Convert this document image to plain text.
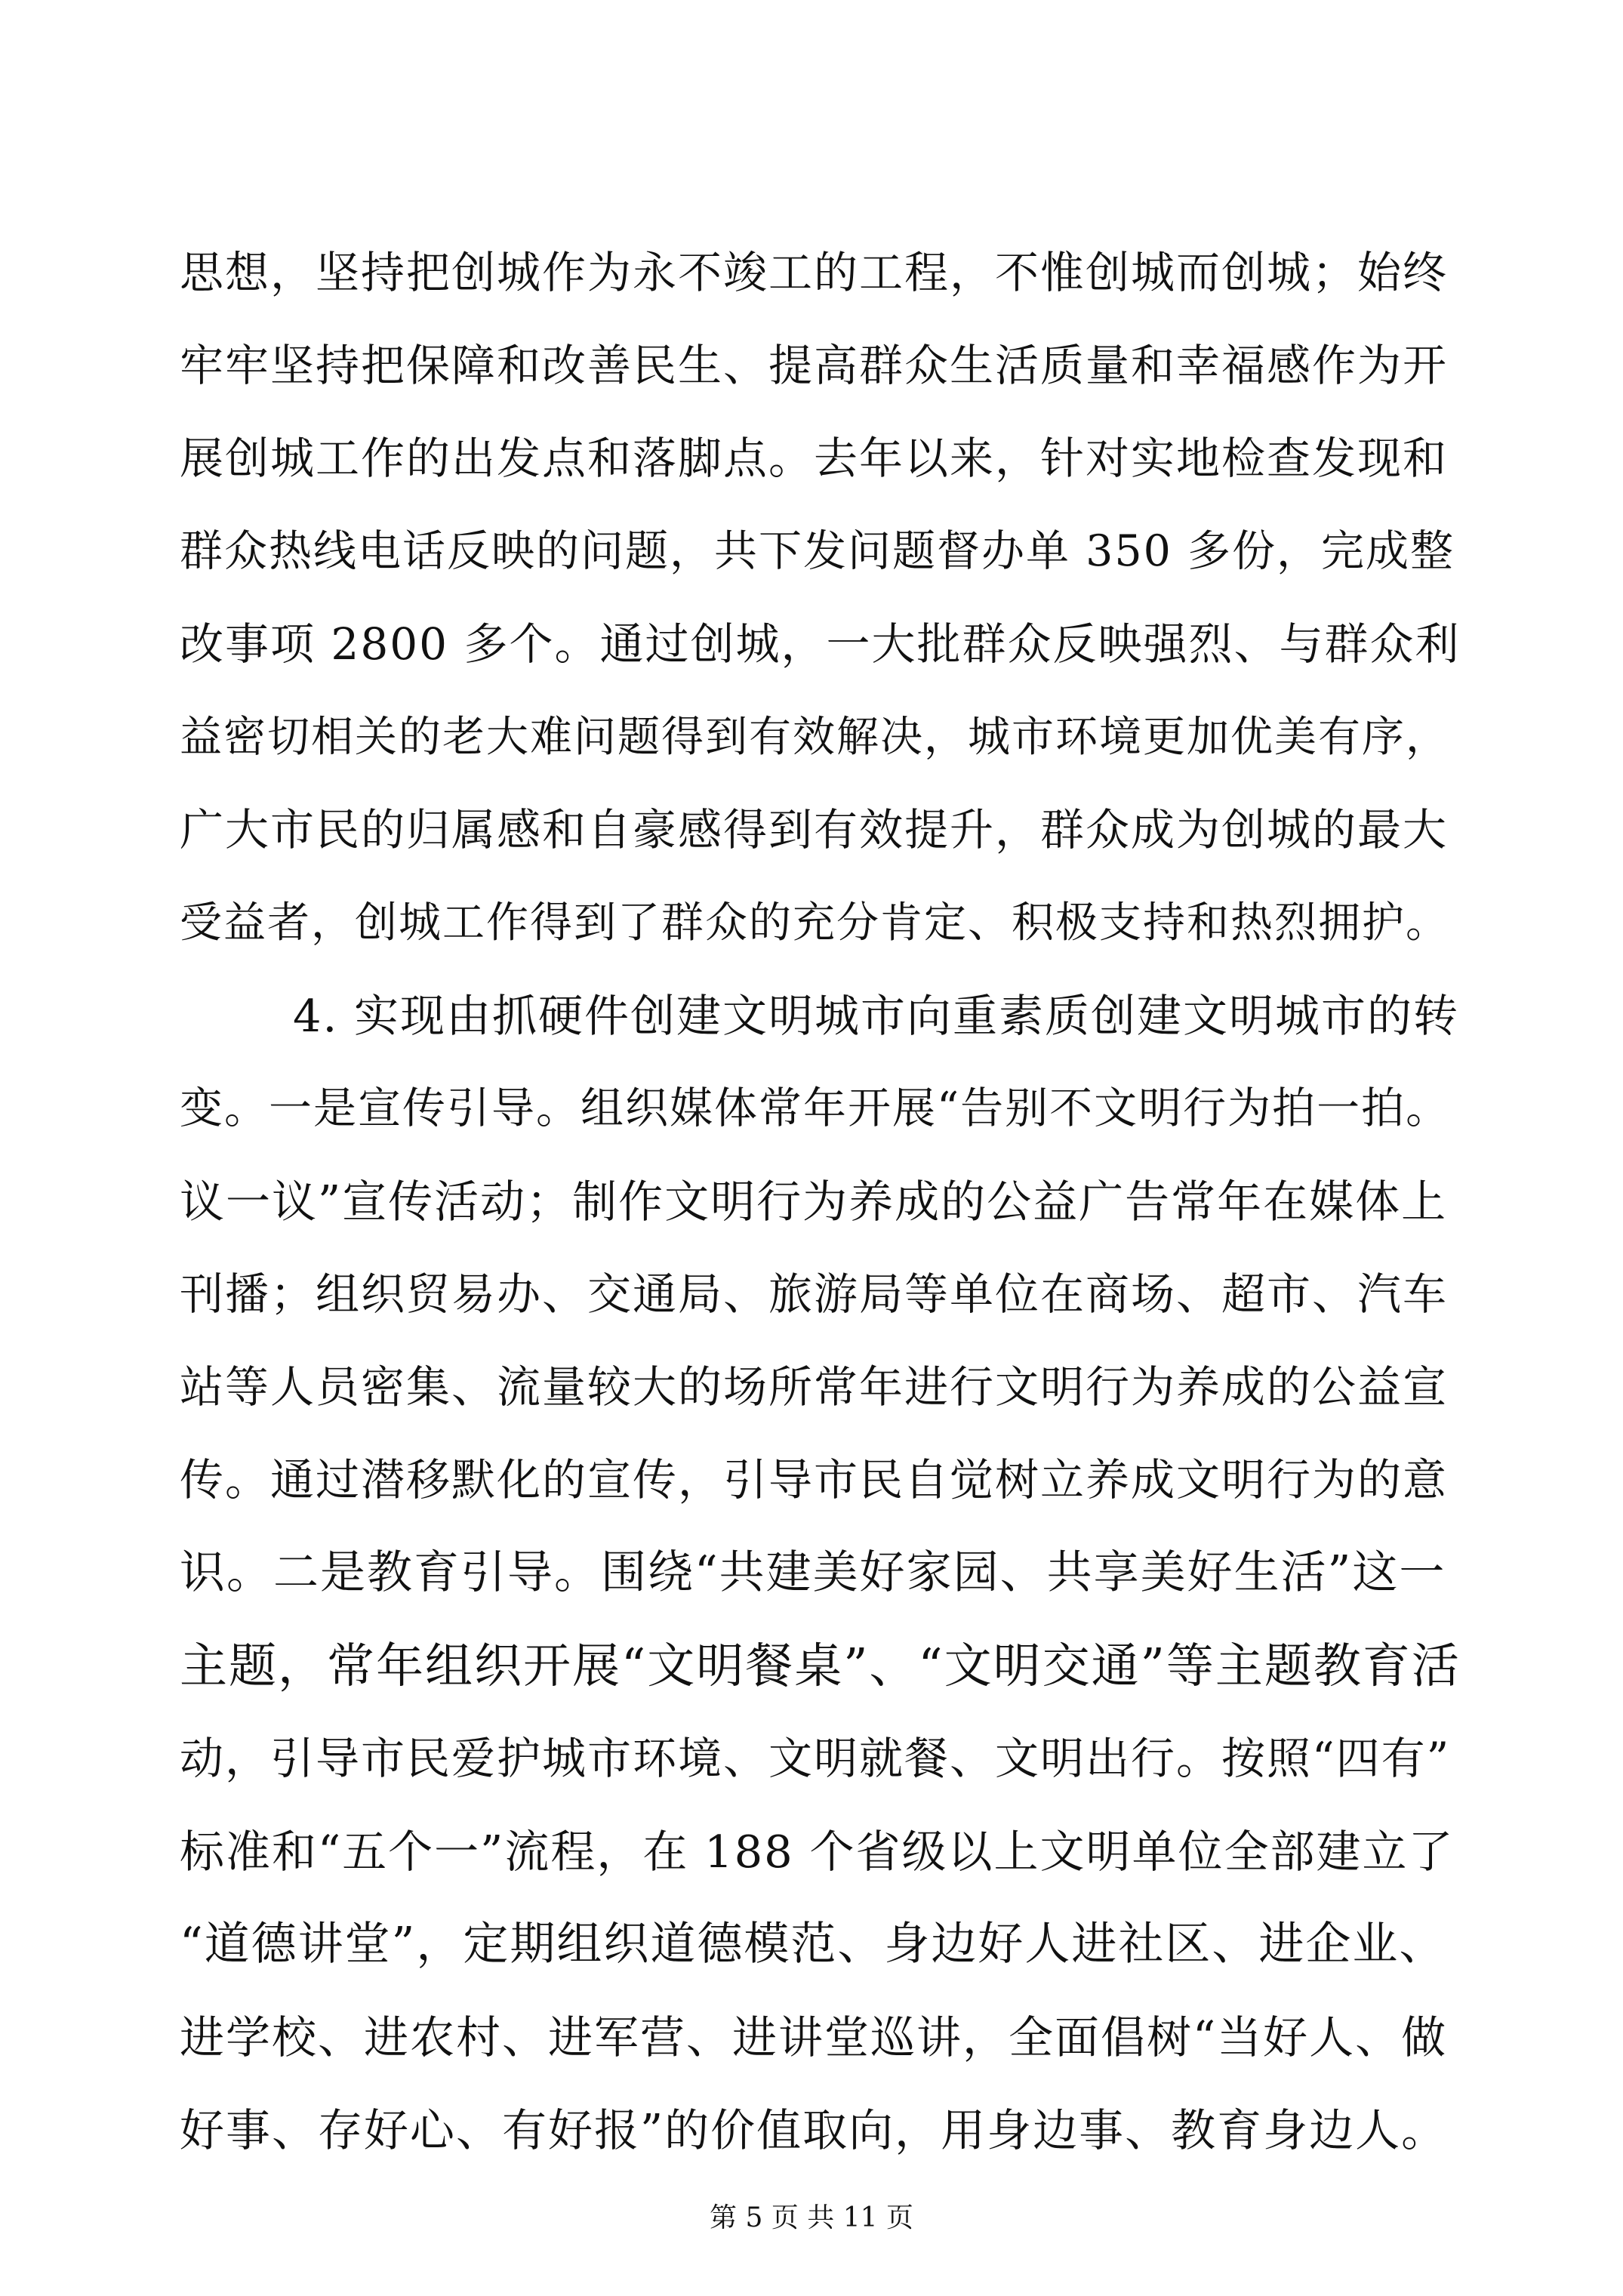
思想，坚持把创城作为永不竣工的工程，不惟创城而创城；始终
牢牢坚持把保障和改善民生、提高群众生活质量和幸福感作为开
展创城工作的出发点和落脚点。去年以来，针对实地检查发现和
群众热线电话反映的问题，共下发问题督办单 350 多份，完成整
改事项 2800 多个。通过创城，一大批群众反映强烈、与群众利
益密切相关的老大难问题得到有效解决，城市环境更加优美有序，
广大市民的归属感和自豪感得到有效提升，群众成为创城的最大
受益者，创城工作得到了群众的充分肯定、积极支持和热烈拥护。
4. 实现由抓硬件创建文明城市向重素质创建文明城市的转
变。一是宣传引导。组织媒体常年开展“告别不文明行为拍一拍。
议一议”宣传活动；制作文明行为养成的公益广告常年在媒体上
刊播；组织贸易办、交通局、旅游局等单位在商场、超市、汽车
站等人员密集、流量较大的场所常年进行文明行为养成的公益宣
传。通过潜移默化的宣传，引导市民自觉树立养成文明行为的意
识。二是教育引导。围绕“共建美好家园、共享美好生活”这一
主题，常年组织开展“文明餐桌”、“文明交通”等主题教育活
动，引导市民爱护城市环境、文明就餐、文明出行。按照“四有”
标准和“五个一”流程，在 188 个省级以上文明单位全部建立了
“道德讲堂”，定期组织道德模范、身边好人进社区、进企业、
进学校、进农村、进军营、进讲堂巡讲，全面倡树“当好人、做
好事、存好心、有好报”的价值取向，用身边事、教育身边人。
第 5 页 共 11 页
